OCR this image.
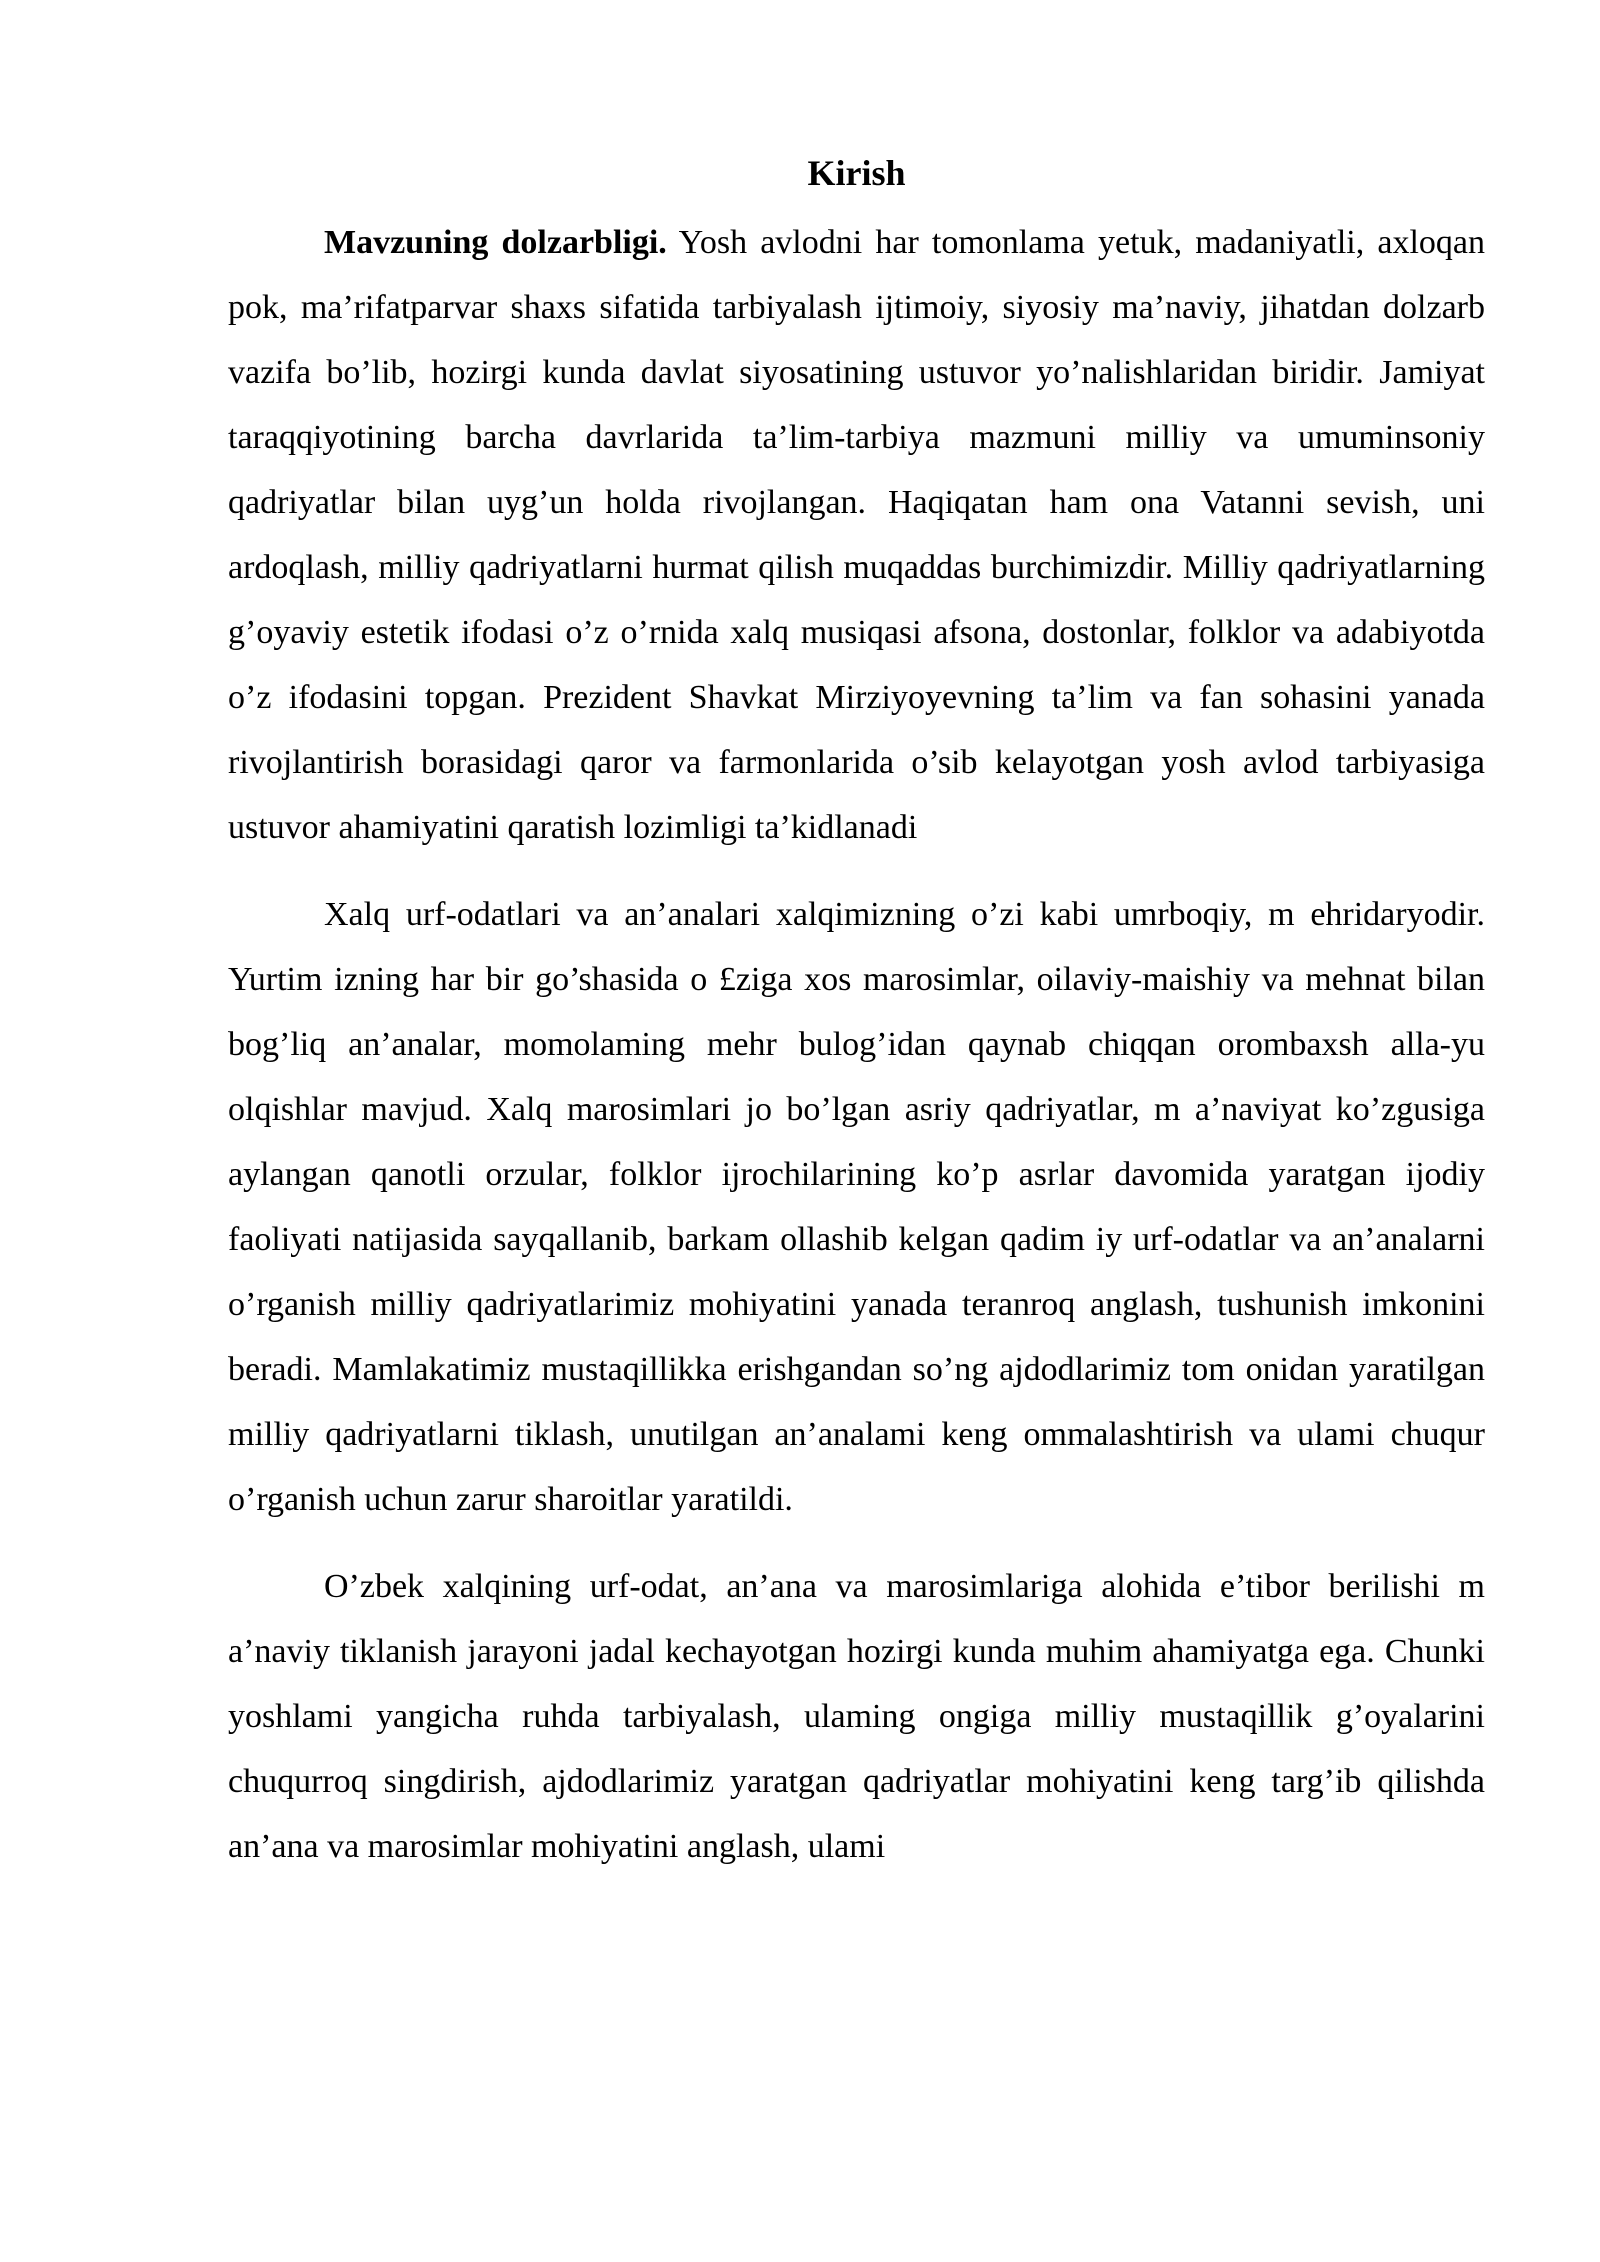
Kirish

Mavzuning dolzarbligi. Yosh avlodni har tomonlama yetuk, madaniyatli, axloqan pok, ma’rifatparvar shaxs sifatida tarbiyalash ijtimoiy, siyosiy ma’naviy, jihatdan dolzarb vazifa bo’lib, hozirgi kunda davlat siyosatining ustuvor yo’nalishlaridan biridir. Jamiyat taraqqiyotining barcha davrlarida ta’lim-tarbiya mazmuni milliy va umuminsoniy qadriyatlar bilan uyg’un holda rivojlangan. Haqiqatan ham ona Vatanni sevish, uni ardoqlash, milliy qadriyatlarni hurmat qilish muqaddas burchimizdir. Milliy qadriyatlarning g’oyaviy estetik ifodasi o’z o’rnida xalq musiqasi afsona, dostonlar, folklor va adabiyotda o’z ifodasini topgan. Prezident Shavkat Mirziyoyevning ta’lim va fan sohasini yanada rivojlantirish borasidagi qaror va farmonlarida o’sib kelayotgan yosh avlod tarbiyasiga ustuvor ahamiyatini qaratish lozimligi ta’kidlanadi

Xalq urf-odatlari va an’analari xalqimizning o’zi kabi umrboqiy, m ehridaryodir. Yurtim izning har bir go’shasida o £ziga xos marosimlar, oilaviy-maishiy va mehnat bilan bog’liq an’analar, momolaming mehr bulog’idan qaynab chiqqan orombaxsh alla-yu olqishlar mavjud. Xalq marosimlari jo bo’lgan asriy qadriyatlar, m a’naviyat ko’zgusiga aylangan qanotli orzular, folklor ijrochilarining ko’p asrlar davomida yaratgan ijodiy faoliyati natijasida sayqallanib, barkam ollashib kelgan qadim iy urf-odatlar va an’analarni o’rganish milliy qadriyatlarimiz mohiyatini yanada teranroq anglash, tushunish imkonini beradi. Mamlakatimiz mustaqillikka erishgandan so’ng ajdodlarimiz tom onidan yaratilgan milliy qadriyatlarni tiklash, unutilgan an’analami keng ommalashtirish va ulami chuqur o’rganish uchun zarur sharoitlar yaratildi.

O’zbek xalqining urf-odat, an’ana va marosimlariga alohida e’tibor berilishi m a’naviy tiklanish jarayoni jadal kechayotgan hozirgi kunda muhim ahamiyatga ega. Chunki yoshlami yangicha ruhda tarbiyalash, ulaming ongiga milliy mustaqillik g’oyalarini chuqurroq singdirish, ajdodlarimiz yaratgan qadriyatlar mohiyatini keng targ’ib qilishda an’ana va marosimlar mohiyatini anglash, ulami
